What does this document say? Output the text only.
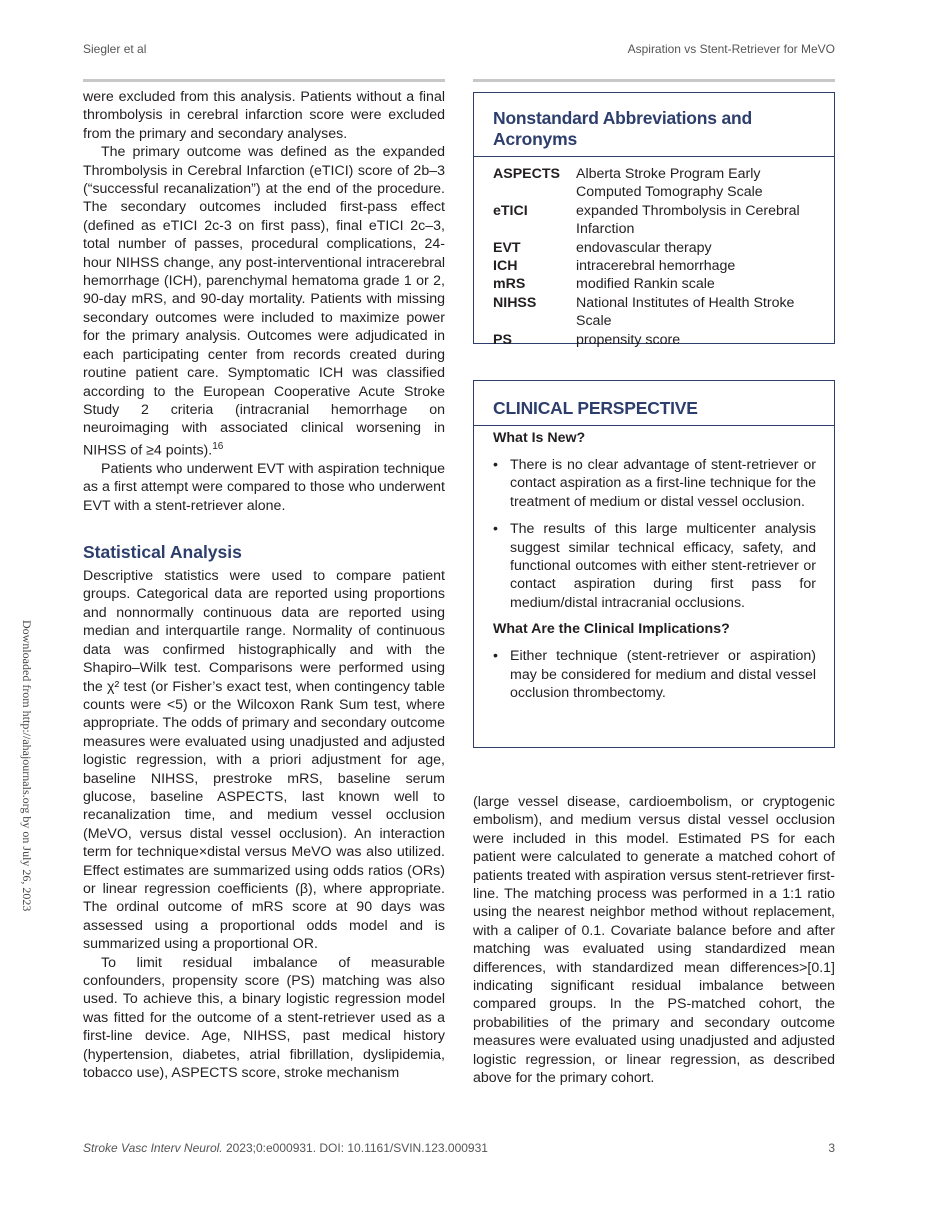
Siegler et al	Aspiration vs Stent-Retriever for MeVO
Downloaded from http://ahajournals.org by on July 26, 2023

were excluded from this analysis. Patients without a final thrombolysis in cerebral infarction score were excluded from the primary and secondary analyses.

The primary outcome was defined as the expanded Thrombolysis in Cerebral Infarction (eTICI) score of 2b–3 (“successful recanalization”) at the end of the procedure. The secondary outcomes included first-pass effect (defined as eTICI 2c-3 on first pass), final eTICI 2c–3, total number of passes, procedural complications, 24-hour NIHSS change, any post-interventional intracerebral hemorrhage (ICH), parenchymal hematoma grade 1 or 2, 90-day mRS, and 90-day mortality. Patients with missing secondary outcomes were included to maximize power for the primary analysis. Outcomes were adjudicated in each participating center from records created during routine patient care. Symptomatic ICH was classified according to the European Cooperative Acute Stroke Study 2 criteria (intracranial hemorrhage on neuroimaging with associated clinical worsening in NIHSS of ≥4 points).$^{16}$

Patients who underwent EVT with aspiration technique as a first attempt were compared to those who underwent EVT with a stent-retriever alone.

Statistical Analysis

Descriptive statistics were used to compare patient groups. Categorical data are reported using proportions and nonnormally continuous data are reported using median and interquartile range. Normality of continuous data was confirmed histographically and with the Shapiro–Wilk test. Comparisons were performed using the χ² test (or Fisher’s exact test, when contingency table counts were <5) or the Wilcoxon Rank Sum test, where appropriate. The odds of primary and secondary outcome measures were evaluated using unadjusted and adjusted logistic regression, with a priori adjustment for age, baseline NIHSS, prestroke mRS, baseline serum glucose, baseline ASPECTS, last known well to recanalization time, and medium vessel occlusion (MeVO, versus distal vessel occlusion). An interaction term for technique×distal versus MeVO was also utilized. Effect estimates are summarized using odds ratios (ORs) or linear regression coefficients (β), where appropriate. The ordinal outcome of mRS score at 90 days was assessed using a proportional odds model and is summarized using a proportional OR.

To limit residual imbalance of measurable confounders, propensity score (PS) matching was also used. To achieve this, a binary logistic regression model was fitted for the outcome of a stent-retriever used as a first-line device. Age, NIHSS, past medical history (hypertension, diabetes, atrial fibrillation, dyslipidemia, tobacco use), ASPECTS score, stroke mechanism

Nonstandard Abbreviations and Acronyms
ASPECTS	Alberta Stroke Program Early Computed Tomography Scale
eTICI	expanded Thrombolysis in Cerebral Infarction
EVT	endovascular therapy
ICH	intracerebral hemorrhage
mRS	modified Rankin scale
NIHSS	National Institutes of Health Stroke Scale
PS	propensity score
CLINICAL PERSPECTIVE
What Is New?
• There is no clear advantage of stent-retriever or contact aspiration as a first-line technique for the treatment of medium or distal vessel occlusion.
• The results of this large multicenter analysis suggest similar technical efficacy, safety, and functional outcomes with either stent-retriever or contact aspiration during first pass for medium/distal intracranial occlusions.
What Are the Clinical Implications?
• Either technique (stent-retriever or aspiration) may be considered for medium and distal vessel occlusion thrombectomy.

(large vessel disease, cardioembolism, or cryptogenic embolism), and medium versus distal vessel occlusion were included in this model. Estimated PS for each patient were calculated to generate a matched cohort of patients treated with aspiration versus stent-retriever first-line. The matching process was performed in a 1:1 ratio using the nearest neighbor method without replacement, with a caliper of 0.1. Covariate balance before and after matching was evaluated using standardized mean differences, with standardized mean differences>[0.1] indicating significant residual imbalance between compared groups. In the PS-matched cohort, the probabilities of the primary and secondary outcome measures were evaluated using unadjusted and adjusted logistic regression, or linear regression, as described above for the primary cohort.

Stroke Vasc Interv Neurol. 2023;0:e000931. DOI: 10.1161/SVIN.123.000931	3
